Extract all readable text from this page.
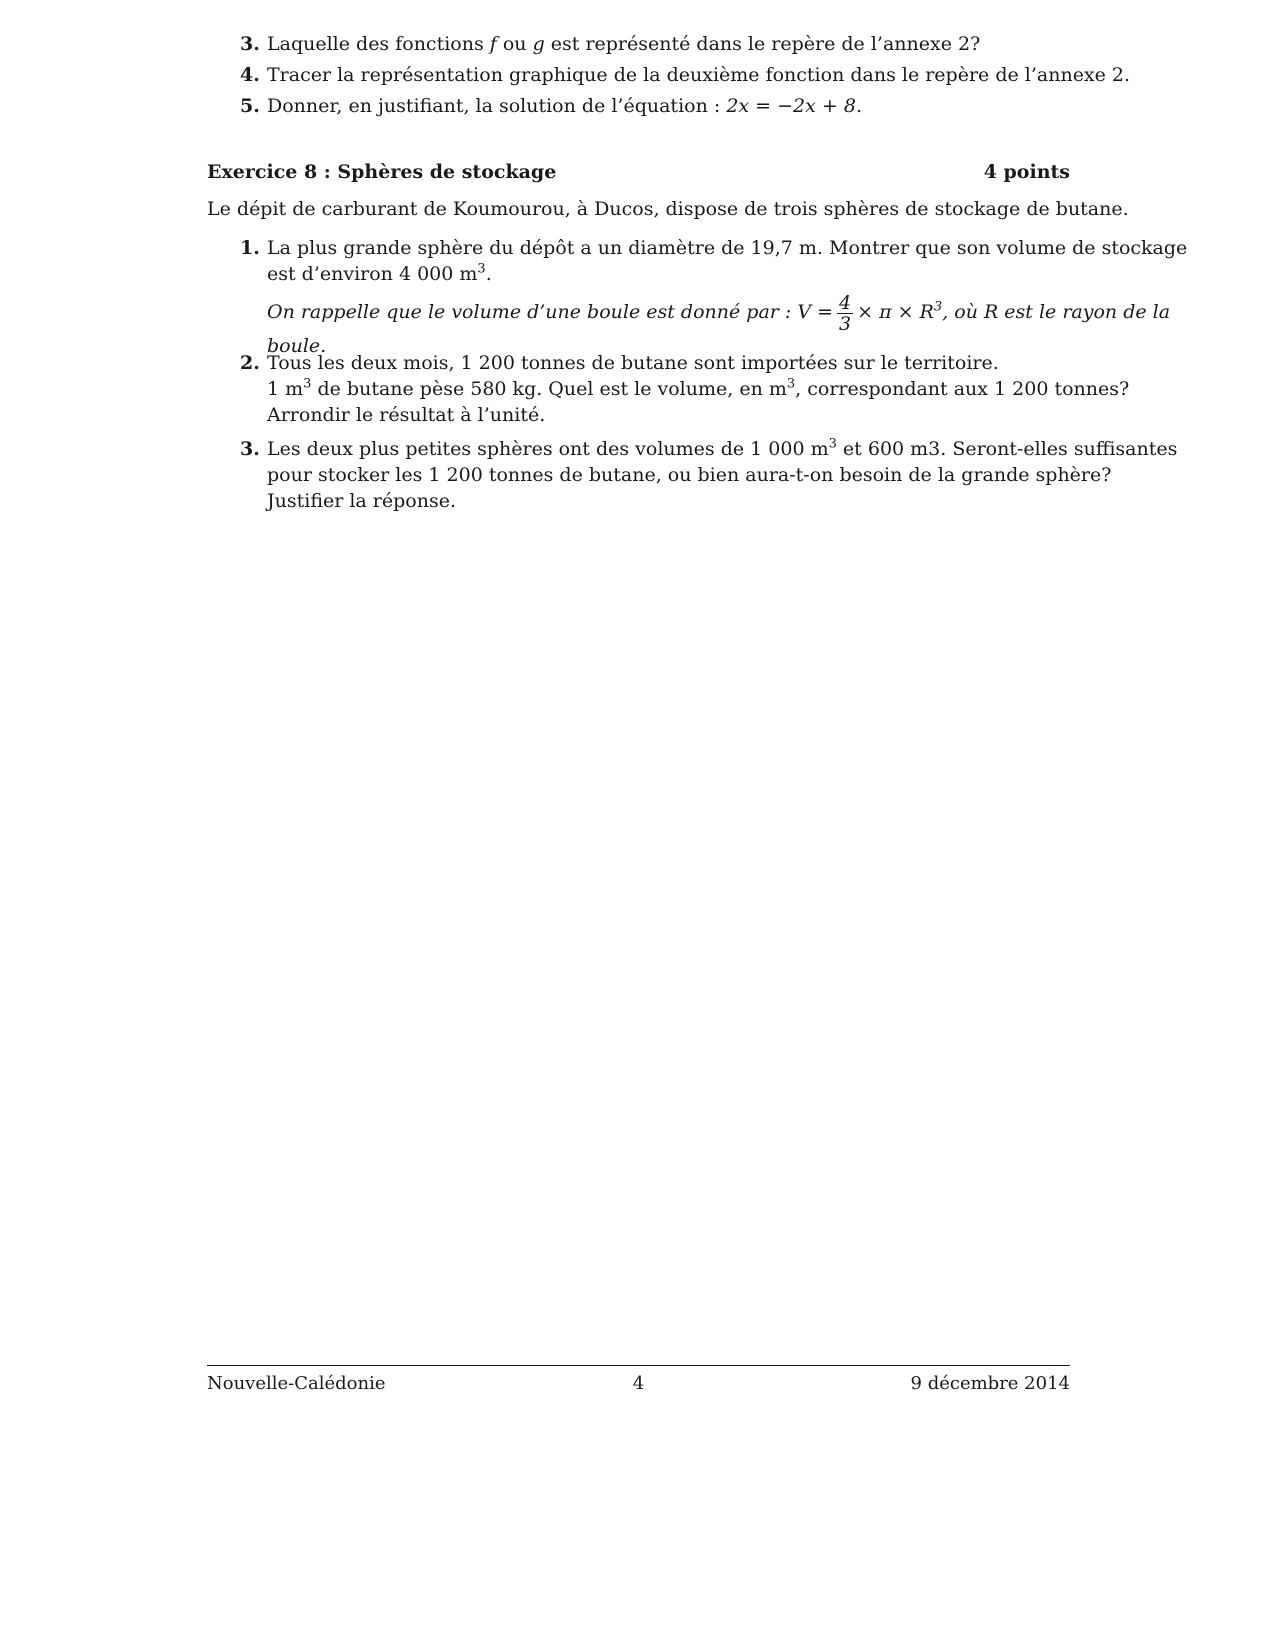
3. Laquelle des fonctions f ou g est représenté dans le repère de l’annexe 2?
4. Tracer la représentation graphique de la deuxième fonction dans le repère de l’annexe 2.
5. Donner, en justifiant, la solution de l’équation : 2x = −2x + 8.
Exercice 8 : Sphères de stockage	4 points
Le dépit de carburant de Koumourou, à Ducos, dispose de trois sphères de stockage de butane.
1. La plus grande sphère du dépôt a un diamètre de 19,7 m. Montrer que son volume de stockage
est d’environ 4 000 $m^3$.
On rappelle que le volume d’une boule est donné par : $V = \frac{4}{3} \times \pi \times R^3$, où R est le rayon de la
boule.
2. Tous les deux mois, 1 200 tonnes de butane sont importées sur le territoire.
1 $m^3$ de butane pèse 580 kg. Quel est le volume, en $m^3$, correspondant aux 1 200 tonnes?
Arrondir le résultat à l’unité.
3. Les deux plus petites sphères ont des volumes de 1 000 $m^3$ et 600 m3. Seront-elles suffisantes
pour stocker les 1 200 tonnes de butane, ou bien aura-t-on besoin de la grande sphère?
Justifier la réponse.
Nouvelle-Calédonie	4	9 décembre 2014
